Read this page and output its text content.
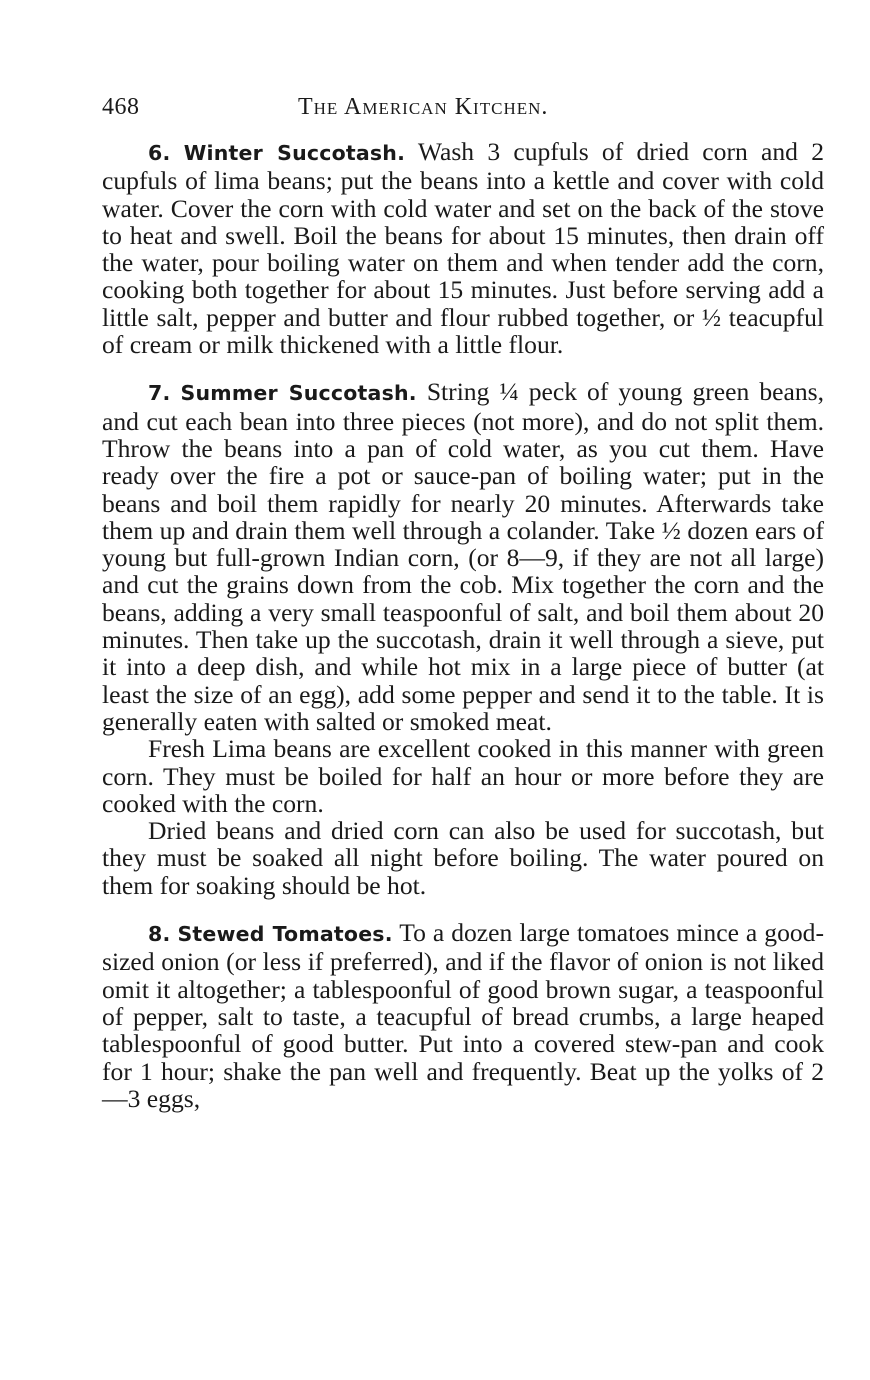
468	The American Kitchen.

6. Winter Succotash. Wash 3 cupfuls of dried corn and 2 cupfuls of lima beans; put the beans into a kettle and cover with cold water. Cover the corn with cold water and set on the back of the stove to heat and swell. Boil the beans for about 15 minutes, then drain off the water, pour boiling water on them and when tender add the corn, cooking both together for about 15 minutes. Just before serving add a little salt, pepper and butter and flour rubbed together, or ½ teacupful of cream or milk thickened with a little flour.

7. Summer Succotash. String ¼ peck of young green beans, and cut each bean into three pieces (not more), and do not split them. Throw the beans into a pan of cold water, as you cut them. Have ready over the fire a pot or sauce-pan of boiling water; put in the beans and boil them rapidly for nearly 20 minutes. Afterwards take them up and drain them well through a colander. Take ½ dozen ears of young but full-grown Indian corn, (or 8—9, if they are not all large) and cut the grains down from the cob. Mix together the corn and the beans, adding a very small teaspoonful of salt, and boil them about 20 minutes. Then take up the succotash, drain it well through a sieve, put it into a deep dish, and while hot mix in a large piece of butter (at least the size of an egg), add some pepper and send it to the table. It is generally eaten with salted or smoked meat.

Fresh Lima beans are excellent cooked in this manner with green corn. They must be boiled for half an hour or more before they are cooked with the corn.

Dried beans and dried corn can also be used for succotash, but they must be soaked all night before boiling. The water poured on them for soaking should be hot.

8. Stewed Tomatoes. To a dozen large tomatoes mince a good-sized onion (or less if preferred), and if the flavor of onion is not liked omit it altogether; a tablespoonful of good brown sugar, a teaspoonful of pepper, salt to taste, a teacupful of bread crumbs, a large heaped tablespoonful of good butter. Put into a covered stew-pan and cook for 1 hour; shake the pan well and frequently. Beat up the yolks of 2—3 eggs,
